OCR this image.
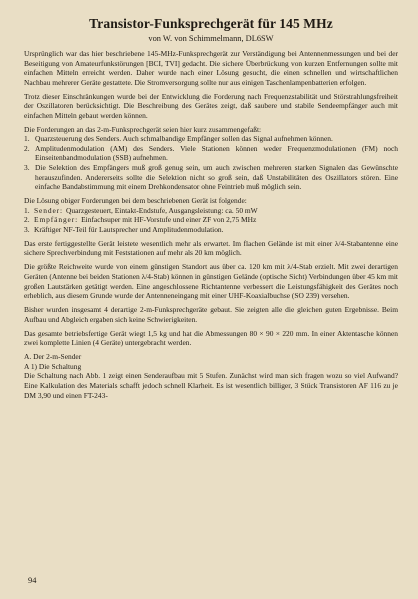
Transistor-Funksprechgerät für 145 MHz
von W. von Schimmelmann, DL6SW

Ursprünglich war das hier beschriebene 145-MHz-Funksprechgerät zur Verständigung bei Antennenmessungen und bei der Beseitigung von Amateurfunkstörungen [BCI, TVI] gedacht. Die sichere Überbrückung von kurzen Entfernungen sollte mit einfachen Mitteln erreicht werden. Daher wurde nach einer Lösung gesucht, die einen schnellen und wirtschaftlichen Nachbau mehrerer Geräte gestattete. Die Stromversorgung sollte nur aus einigen Taschenlampenbatterien erfolgen.

Trotz dieser Einschränkungen wurde bei der Entwicklung die Forderung nach Frequenzstabilität und Störstrahlungsfreiheit der Oszillatoren berücksichtigt. Die Beschreibung des Gerätes zeigt, daß saubere und stabile Sendeempfänger auch mit einfachen Mitteln gebaut werden können.

Die Forderungen an das 2-m-Funksprechgerät seien hier kurz zusammengefaßt:

1. Quarzsteuerung des Senders. Auch schmalbandige Empfänger sollen das Signal aufnehmen können.
2. Amplitudenmodulation (AM) des Senders. Viele Stationen können weder Frequenzmodulationen (FM) noch Einseitenbandmodulation (SSB) aufnehmen.
3. Die Selektion des Empfängers muß groß genug sein, um auch zwischen mehreren starken Signalen das Gewünschte herauszufinden. Andererseits sollte die Selektion nicht so groß sein, daß Unstabilitäten des Oszillators stören. Eine einfache Bandabstimmung mit einem Drehkondensator ohne Feintrieb muß möglich sein.

Die Lösung obiger Forderungen bei dem beschriebenen Gerät ist folgende:

1. Sender: Quarzgesteuert, Eintakt-Endstufe, Ausgangsleistung: ca. 50 mW
2. Empfänger: Einfachsuper mit HF-Vorstufe und einer ZF von 2,75 MHz
3. Kräftiger NF-Teil für Lautsprecher und Amplitudenmodulation.

Das erste fertiggestellte Gerät leistete wesentlich mehr als erwartet. Im flachen Gelände ist mit einer λ/4-Stabantenne eine sichere Sprechverbindung mit Feststationen auf mehr als 20 km möglich.

Die größte Reichweite wurde von einem günstigen Standort aus über ca. 120 km mit λ/4-Stab erzielt. Mit zwei derartigen Geräten (Antenne bei beiden Stationen λ/4-Stab) können in günstigen Gelände (optische Sicht) Verbindungen über 45 km mit großen Lautstärken getätigt werden. Eine angeschlossene Richtantenne verbessert die Leistungsfähigkeit des Gerätes noch erheblich, aus diesem Grunde wurde der Antenneneingang mit einer UHF-Koaxialbuchse (SO 239) versehen.

Bisher wurden insgesamt 4 derartige 2-m-Funksprechgeräte gebaut. Sie zeigten alle die gleichen guten Ergebnisse. Beim Aufbau und Abgleich ergaben sich keine Schwierigkeiten.

Das gesamte betriebsfertige Gerät wiegt 1,5 kg und hat die Abmessungen 80 × 90 × 220 mm. In einer Aktentasche können zwei komplette Linien (4 Geräte) untergebracht werden.

A. Der 2-m-Sender
A 1) Die Schaltung

Die Schaltung nach Abb. 1 zeigt einen Senderaufbau mit 5 Stufen. Zunächst wird man sich fragen wozu so viel Aufwand? Eine Kalkulation des Materials schafft jedoch schnell Klarheit. Es ist wesentlich billiger, 3 Stück Transistoren AF 116 zu je DM 3,90 und einen FT-243-

94
